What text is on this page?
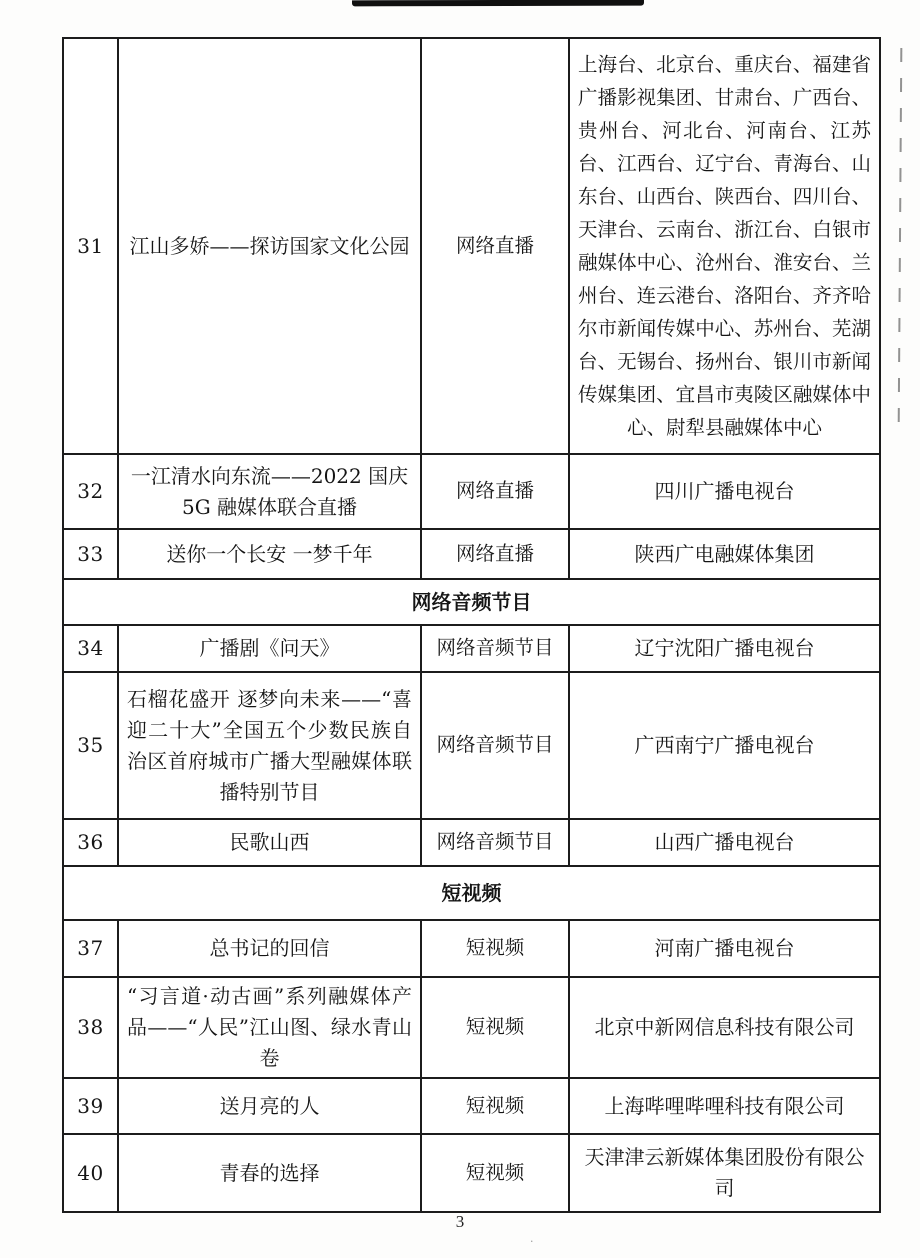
·
31	江山多娇——探访国家文化公园	网络直播	上海台、北京台、重庆台、福建省广播影视集团、甘肃台、广西台、贵州台、河北台、河南台、江苏台、江西台、辽宁台、青海台、山东台、山西台、陕西台、四川台、天津台、云南台、浙江台、白银市融媒体中心、沧州台、淮安台、兰州台、连云港台、洛阳台、齐齐哈尔市新闻传媒中心、苏州台、芜湖台、无锡台、扬州台、银川市新闻传媒集团、宜昌市夷陵区融媒体中心、尉犁县融媒体中心
32	一江清水向东流——2022 国庆 5G 融媒体联合直播	网络直播	四川广播电视台
33	送你一个长安 一梦千年	网络直播	陕西广电融媒体集团
网络音频节目			
34	广播剧《问天》	网络音频节目	辽宁沈阳广播电视台
35	石榴花盛开 逐梦向未来——“喜迎二十大”全国五个少数民族自治区首府城市广播大型融媒体联播特别节目	网络音频节目	广西南宁广播电视台
36	民歌山西	网络音频节目	山西广播电视台
短视频			
37	总书记的回信	短视频	河南广播电视台
38	“习言道·动古画”系列融媒体产品——“人民”江山图、绿水青山卷	短视频	北京中新网信息科技有限公司
39	送月亮的人	短视频	上海哔哩哔哩科技有限公司
40	青春的选择	短视频	天津津云新媒体集团股份有限公司
3
